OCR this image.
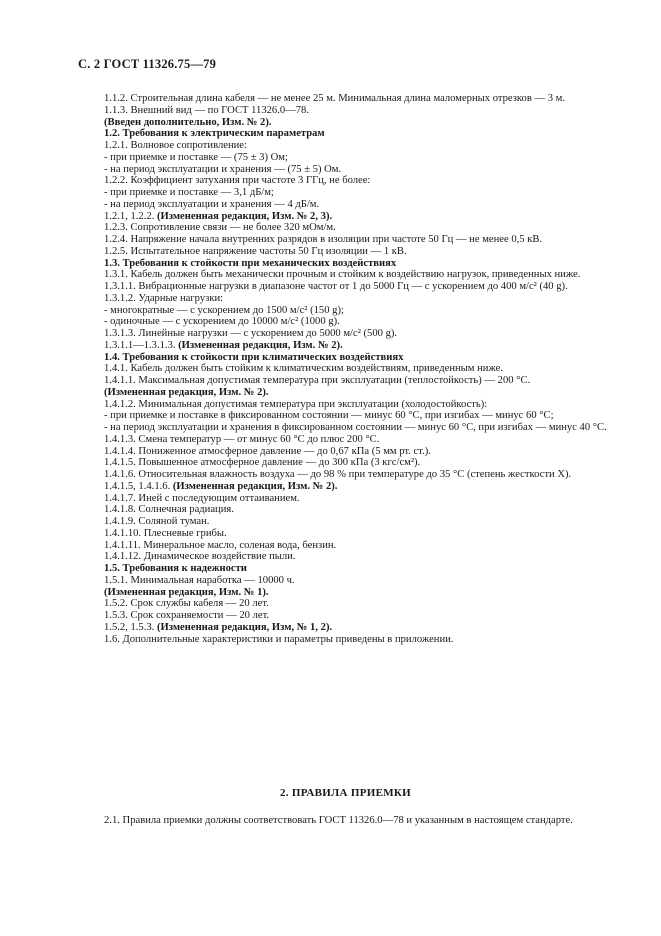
С. 2 ГОСТ 11326.75—79

1.1.2. Строительная длина кабеля — не менее 25 м. Минимальная длина маломерных отрезков — 3 м.

1.1.3. Внешний вид — по ГОСТ 11326.0—78.

(Введен дополнительно, Изм. № 2).

1.2. Требования к электрическим параметрам

1.2.1. Волновое сопротивление:

- при приемке и поставке — (75 ± 3) Ом;

- на период эксплуатации и хранения — (75 ± 5) Ом.

1.2.2. Коэффициент затухания при частоте 3 ГГц, не более:

- при приемке и поставке — 3,1 дБ/м;

- на период эксплуатации и хранения — 4 дБ/м.

1.2.1, 1.2.2. (Измененная редакция, Изм. № 2, 3).

1.2.3. Сопротивление связи — не более 320 мОм/м.

1.2.4. Напряжение начала внутренних разрядов в изоляции при частоте 50 Гц — не менее 0,5 кВ.

1.2.5. Испытательное напряжение частоты 50 Гц изоляции — 1 кВ.

1.3. Требования к стойкости при механических воздействиях

1.3.1. Кабель должен быть механически прочным и стойким к воздействию нагрузок, приведенных ниже.

1.3.1.1. Вибрационные нагрузки в диапазоне частот от 1 до 5000 Гц — с ускорением до 400 м/с² (40 g).

1.3.1.2. Ударные нагрузки:

- многократные — с ускорением до 1500 м/с² (150 g);

- одиночные — с ускорением до 10000 м/с² (1000 g).

1.3.1.3. Линейные нагрузки — с ускорением до 5000 м/с² (500 g).

1.3.1.1—1.3.1.3. (Измененная редакция, Изм. № 2).

1.4. Требования к стойкости при климатических воздействиях

1.4.1. Кабель должен быть стойким к климатическим воздействиям, приведенным ниже.

1.4.1.1. Максимальная допустимая температура при эксплуатации (теплостойкость) — 200 °С.

(Измененная редакция, Изм. № 2).

1.4.1.2. Минимальная допустимая температура при эксплуатации (холодостойкость):

- при приемке и поставке в фиксированном состоянии — минус 60 °С, при изгибах — минус 60 °С;

- на период эксплуатации и хранения в фиксированном состоянии — минус 60 °С, при изгибах — минус 40 °С.

1.4.1.3. Смена температур — от минус 60 °С до плюс 200 °С.

1.4.1.4. Пониженное атмосферное давление — до 0,67 кПа (5 мм рт. ст.).

1.4.1.5. Повышенное атмосферное давление — до 300 кПа (3 кгс/см²).

1.4.1.6. Относительная влажность воздуха — до 98 % при температуре до 35 °С (степень жесткости X).

1.4.1.5, 1.4.1.6. (Измененная редакция, Изм. № 2).

1.4.1.7. Иней с последующим оттаиванием.

1.4.1.8. Солнечная радиация.

1.4.1.9. Соляной туман.

1.4.1.10. Плесневые грибы.

1.4.1.11. Минеральное масло, соленая вода, бензин.

1.4.1.12. Динамическое воздействие пыли.

1.5. Требования к надежности

1.5.1. Минимальная наработка — 10000 ч.

(Измененная редакция, Изм. № 1).

1.5.2. Срок службы кабеля — 20 лет.

1.5.3. Срок сохраняемости — 20 лет.

1.5.2, 1.5.3. (Измененная редакция, Изм, № 1, 2).

1.6. Дополнительные характеристики и параметры приведены в приложении.

2. ПРАВИЛА ПРИЕМКИ

2.1. Правила приемки должны соответствовать ГОСТ 11326.0—78 и указанным в настоящем стандарте.
